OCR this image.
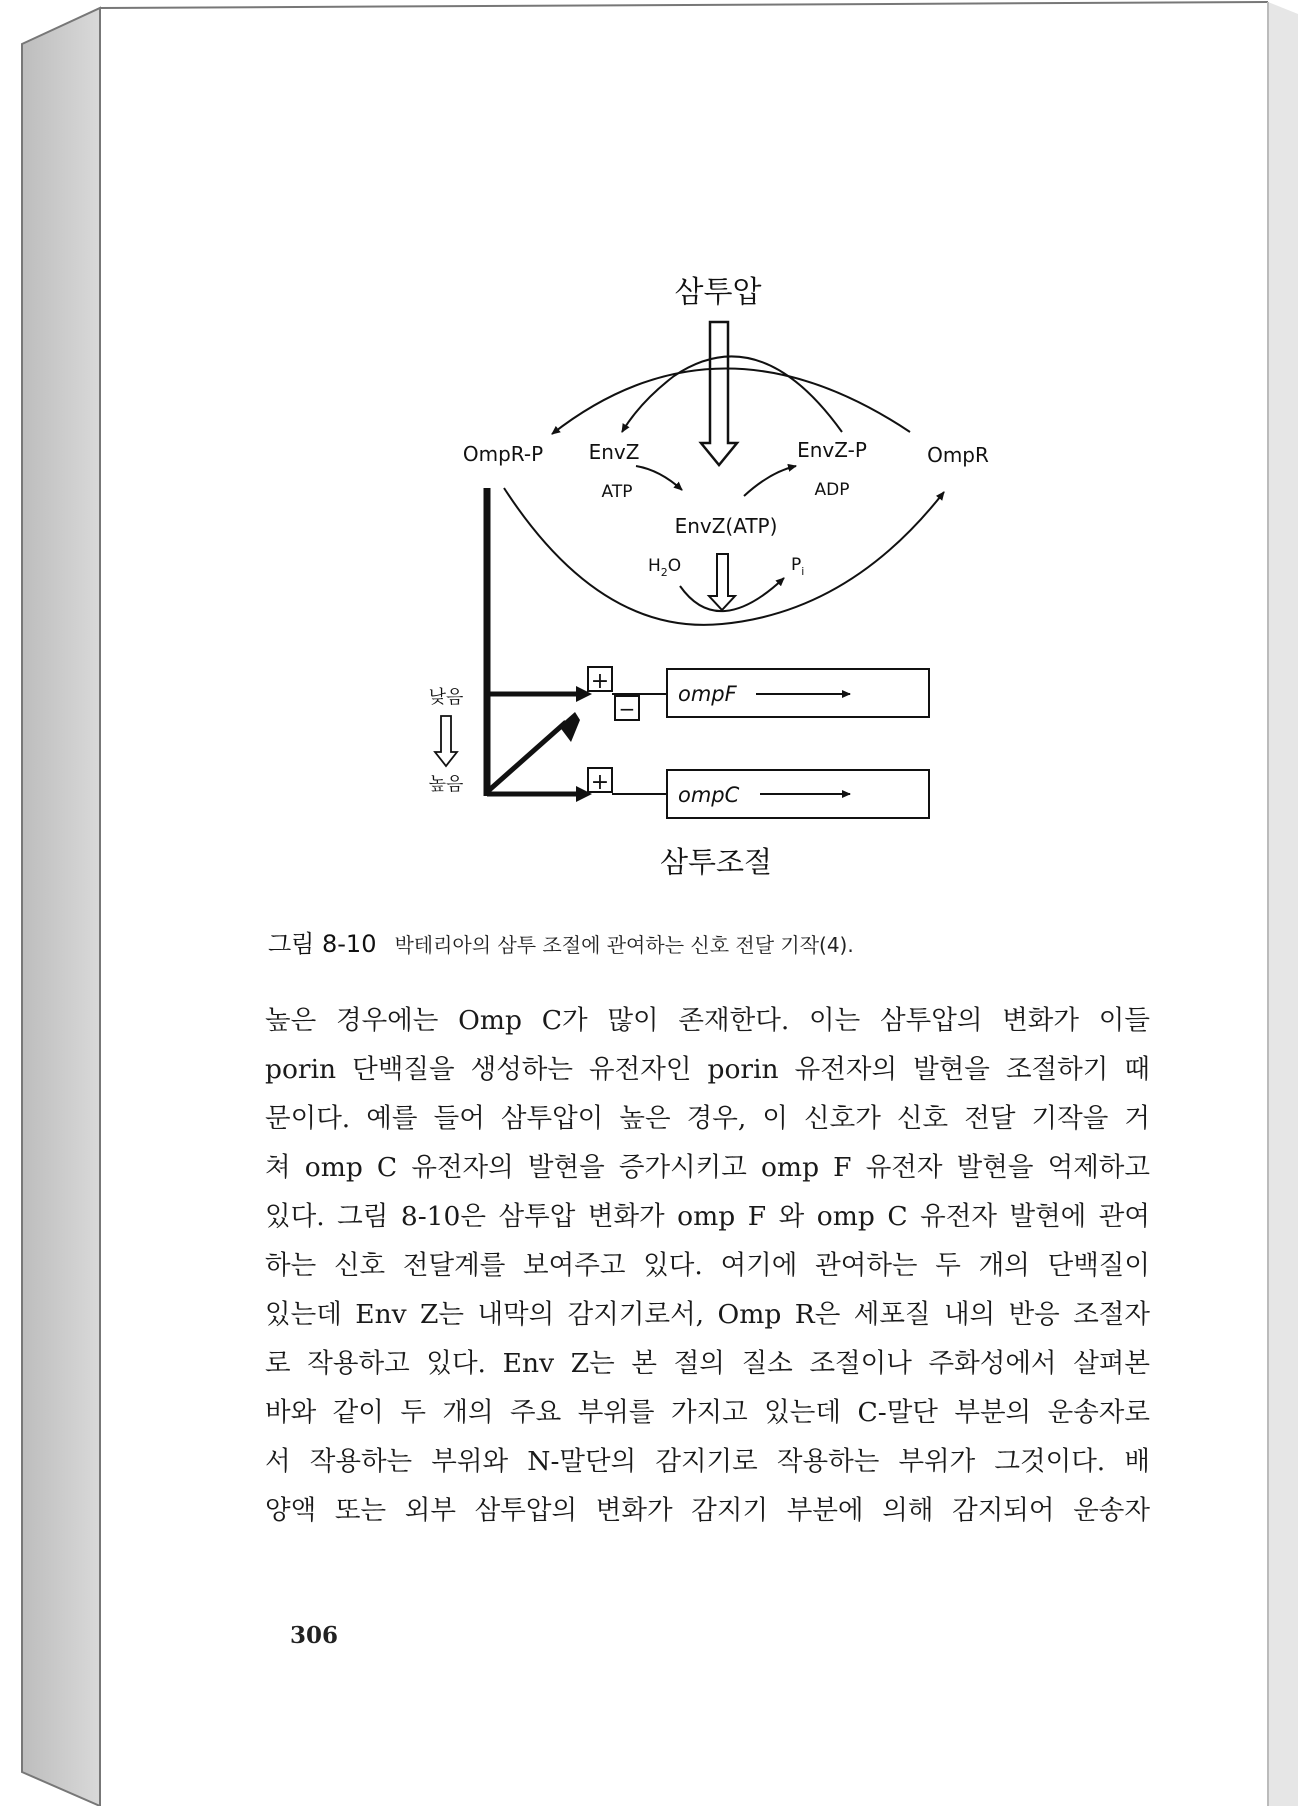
삼투압
OmpR-P EnvZ	EnvZ-P	OmpR
ATP	ADP
EnvZ(ATP)
$H_2O$	$P_i$
낮음
높음
+
−
ompF
+	ompC
삼투조절
그림 8-10 박테리아의 삼투 조절에 관여하는 신호 전달 기작(4).
높은 경우에는 Omp C가 많이 존재한다. 이는 삼투압의 변화가 이들
porin 단백질을 생성하는 유전자인 porin 유전자의 발현을 조절하기 때
문이다. 예를 들어 삼투압이 높은 경우, 이 신호가 신호 전달 기작을 거
쳐 omp C 유전자의 발현을 증가시키고 omp F 유전자 발현을 억제하고
있다. 그림 8-10은 삼투압 변화가 omp F 와 omp C 유전자 발현에 관여
하는 신호 전달계를 보여주고 있다. 여기에 관여하는 두 개의 단백질이
있는데 Env Z는 내막의 감지기로서, Omp R은 세포질 내의 반응 조절자
로 작용하고 있다. Env Z는 본 절의 질소 조절이나 주화성에서 살펴본
바와 같이 두 개의 주요 부위를 가지고 있는데 C-말단 부분의 운송자로
서 작용하는 부위와 N-말단의 감지기로 작용하는 부위가 그것이다. 배
양액 또는 외부 삼투압의 변화가 감지기 부분에 의해 감지되어 운송자
306
